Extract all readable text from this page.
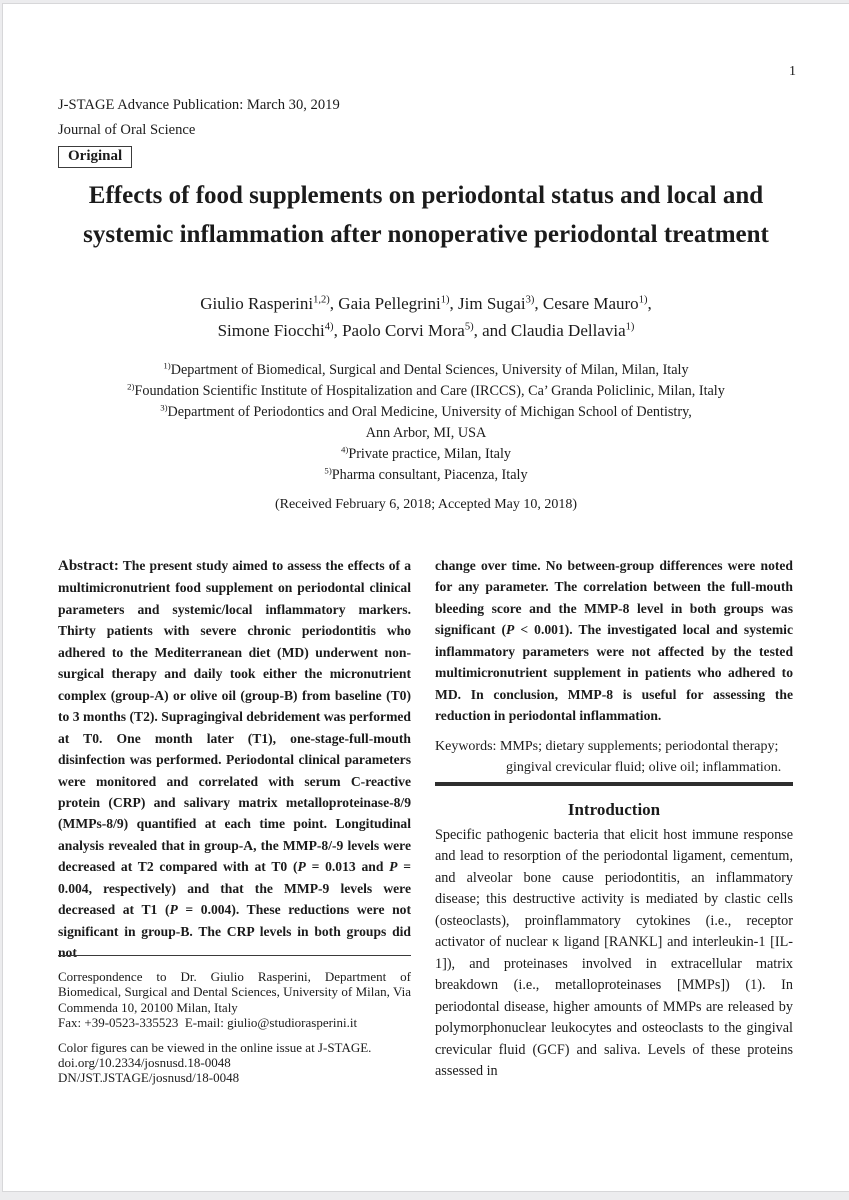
1
J-STAGE Advance Publication: March 30, 2019
Journal of Oral Science
Original
Effects of food supplements on periodontal status and local and systemic inflammation after nonoperative periodontal treatment
Giulio Rasperini$^{1,2)}$, Gaia Pellegrini$^{1)}$, Jim Sugai$^{3)}$, Cesare Mauro$^{1)}$,
Simone Fiocchi$^{4)}$, Paolo Corvi Mora$^{5)}$, and Claudia Dellavia$^{1)}$
$^{1)}$Department of Biomedical, Surgical and Dental Sciences, University of Milan, Milan, Italy
$^{2)}$Foundation Scientific Institute of Hospitalization and Care (IRCCS), Ca’ Granda Policlinic, Milan, Italy
$^{3)}$Department of Periodontics and Oral Medicine, University of Michigan School of Dentistry,
Ann Arbor, MI, USA
$^{4)}$Private practice, Milan, Italy
$^{5)}$Pharma consultant, Piacenza, Italy
(Received February 6, 2018; Accepted May 10, 2018)

Abstract: The present study aimed to assess the effects of a multimicronutrient food supplement on periodontal clinical parameters and systemic/local inflammatory markers. Thirty patients with severe chronic periodontitis who adhered to the Mediterranean diet (MD) underwent non-surgical therapy and daily took either the micronutrient complex (group-A) or olive oil (group-B) from baseline (T0) to 3 months (T2). Supragingival debridement was performed at T0. One month later (T1), one-stage-full-mouth disinfection was performed. Periodontal clinical parameters were monitored and correlated with serum C-reactive protein (CRP) and salivary matrix metalloproteinase-8/9 (MMPs-8/9) quantified at each time point. Longitudinal analysis revealed that in group-A, the MMP-8/-9 levels were decreased at T2 compared with at T0 (P = 0.013 and P = 0.004, respectively) and that the MMP-9 levels were decreased at T1 (P = 0.004). These reductions were not significant in group-B. The CRP levels in both groups did not

change over time. No between-group differences were noted for any parameter. The correlation between the full-mouth bleeding score and the MMP-8 level in both groups was significant (P < 0.001). The investigated local and systemic inflammatory parameters were not affected by the tested multimicronutrient supplement in patients who adhered to MD. In conclusion, MMP-8 is useful for assessing the reduction in periodontal inflammation.

Keywords: MMPs; dietary supplements; periodontal therapy; gingival crevicular fluid; olive oil; inflammation.

Introduction

Specific pathogenic bacteria that elicit host immune response and lead to resorption of the periodontal ligament, cementum, and alveolar bone cause periodontitis, an inflammatory disease; this destructive activity is mediated by clastic cells (osteoclasts), proinflammatory cytokines (i.e., receptor activator of nuclear κ ligand [RANKL] and interleukin-1 [IL-1]), and proteinases involved in extracellular matrix breakdown (i.e., metalloproteinases [MMPs]) (1). In periodontal disease, higher amounts of MMPs are released by polymorphonuclear leukocytes and osteoclasts to the gingival crevicular fluid (GCF) and saliva. Levels of these proteins assessed in

Correspondence to Dr. Giulio Rasperini, Department of Biomedical, Surgical and Dental Sciences, University of Milan, Via Commenda 10, 20100 Milan, Italy

Fax: +39-0523-335523  E-mail: giulio@studiorasperini.it

Color figures can be viewed in the online issue at J-STAGE.
doi.org/10.2334/josnusd.18-0048
DN/JST.JSTAGE/josnusd/18-0048
